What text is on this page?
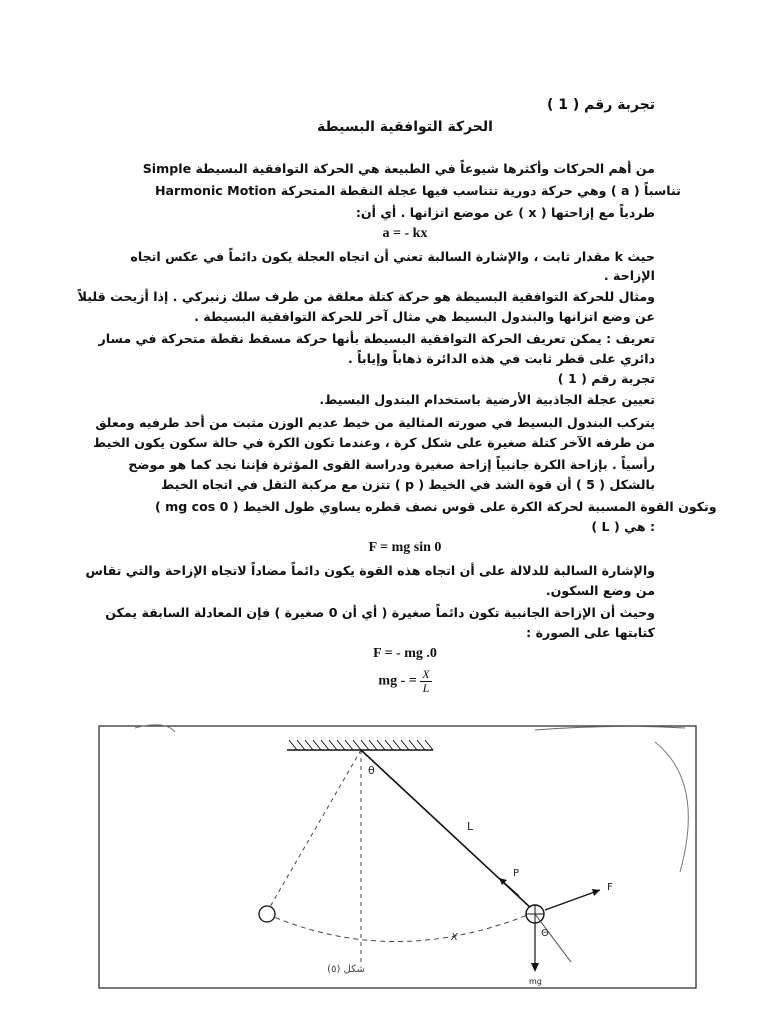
تجربة رقم ( 1 )
الحركة التوافقية البسيطة
من أهم الحركات وأكثرها شيوعاً في الطبيعة هي الحركة التوافقية البسيطة Simple
Harmonic Motion وهي حركة دورية تتناسب فيها عجلة النقطة المتحركة ( a ) تناسباً
طردياً مع إزاحتها ( x ) عن موضع اتزانها . أي أن:
a = - kx
حيث k مقدار ثابت ، والإشارة السالبة تعني أن اتجاه العجلة يكون دائماً في عكس اتجاه
الإزاحة .
ومثال للحركة التوافقية البسيطة هو حركة كتلة معلقة من طرف سلك زنبركي . إذا أزيحت قليلاً
عن وضع اتزانها والبندول البسيط هي مثال آخر للحركة التوافقية البسيطة .
تعريف : يمكن تعريف الحركة التوافقية البسيطة بأنها حركة مسقط نقطة متحركة في مسار
دائري على قطر ثابت في هذه الدائرة ذهاباً وإياباً .
تجربة رقم ( 1 )
تعيين عجلة الجاذبية الأرضية باستخدام البندول البسيط.
يتركب البندول البسيط في صورته المثالية من خيط عديم الوزن مثبت من أحد طرفيه ومعلق
من طرفه الآخر كتلة صغيرة على شكل كرة ، وعندما تكون الكرة في حالة سكون يكون الخيط
رأسياً . بإزاحة الكرة جانبياً إزاحة صغيرة ودراسة القوى المؤثرة فإننا نجد كما هو موضح
بالشكل ( 5 ) أن قوة الشد في الخيط ( p ) تتزن مع مركبة الثقل في اتجاه الخيط
( mg cos 0 ) وتكون القوة المسببة لحركة الكرة على قوس نصف قطره يساوي طول الخيط
( L ) هي :
F = mg sin 0
والإشارة السالبة للدلالة على أن اتجاه هذه القوة يكون دائماً مضاداً لاتجاه الإزاحة والتي تقاس
من وضع السكون.
وحيث أن الإزاحة الجانبية تكون دائماً صغيرة ( أي أن 0 صغيرة ) فإن المعادلة السابقة يمكن
كتابتها على الصورة :
F = - mg .0
mg - = $\frac{X}{L}$
θ
L
P
F
X	Θ
mg
شكل (٥)
